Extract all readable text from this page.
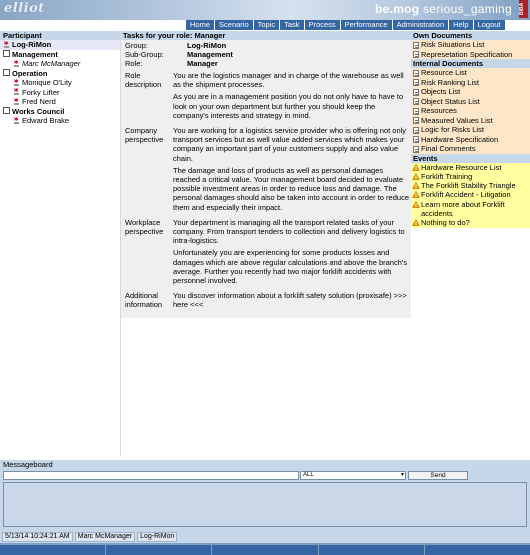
elliot	be.mog serious_gaming BIBA
Home	Scenario	Topic	Task	Process	Performance	Administration	Help	Logout
Participant
✕Log-RiMon
Management
✕Marc McManager
Operation
✕Monique O'Lity
✕Forky Lifter
✕Fred Nerd
Works Council
✕Edward Brake
Tasks for your role: Manager
Group:	Log-RiMon
Sub-Group:	Management
Role:	Manager
Role description

You are the logistics manager and in charge of the warehouse as well as the shipment processes.

As you are in a management position you do not only have to have to look on your own department but further you should keep the company's interests and strategy in mind.

Company perspective

You are working for a logistics service provider who is offering not only transport services but as well value added services which makes your company an important part of your customers supply and also value chain.

The damage and loss of products as well as personal damages reached a critical value. Your management board decided to evaluate possible investment areas in order to reduce loss and damage. The personal damages should also be taken into account in order to reduce them and especially their impact.

Workplace perspective

Your department is managing all the transport related tasks of your company. From transport tenders to collection and delivery logistics to intra-logistics.

Unfortunately you are experiencing for some products losses and damages which are above regular calculations and above the branch's average. Further you recently had two major forklift accidents with personnel involved.

Additional information

You discover information about a forklift safety solution (proxisafe) >>> here <<<

Own Documents
Risk Situations List
Represetation Specification
Internal Documents
Resource List
Risk Ranking List
Objects List
Object Status List
Resources
Measured Values List
Logic for Risks List
Hardware Specification
Final Comments
Events
Hardware Resource List
Forklift Training
The Forklift Stability Triangle
Forklift Accident - Litigation
Learn more about Forklift accidents
Nothing to do?
Messageboard
ALL	▾	Send
5/13/14 10:24:21 AM	Marc McManager	Log-RiMon
